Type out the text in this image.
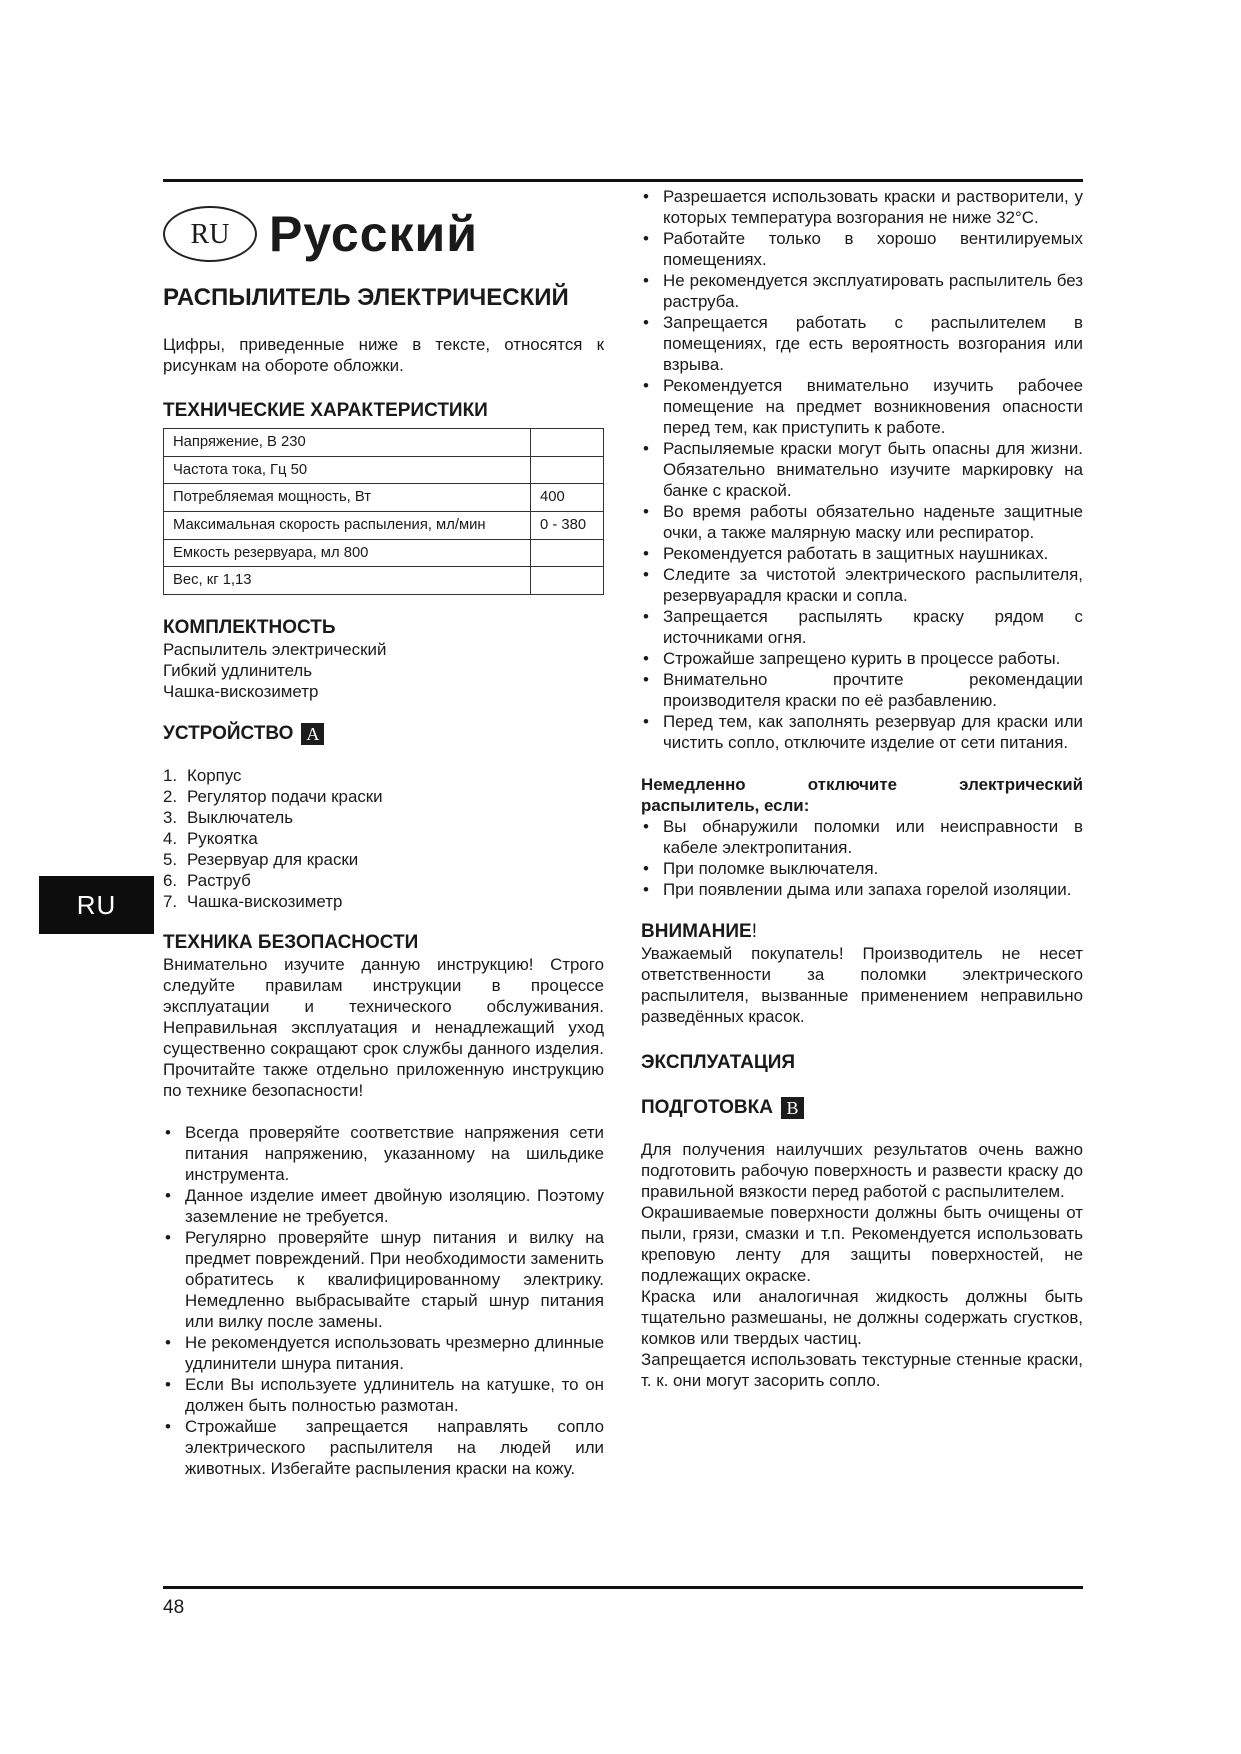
RU
RU Русский
РАСПЫЛИТЕЛЬ ЭЛЕКТРИЧЕСКИЙ

Цифры, приведенные ниже в тексте, относятся к рисункам на обороте обложки.

ТЕХНИЧЕСКИЕ ХАРАКТЕРИСТИКИ
Напряжение, В 230	
Частота тока, Гц 50	
Потребляемая мощность, Вт	400
Максимальная скорость распыления, мл/мин	0 - 380
Емкость резервуара, мл 800	
Вес, кг 1,13	
КОМПЛЕКТНОСТЬ
Распылитель электрический
Гибкий удлинитель
Чашка-вискозиметр
УСТРОЙСТВО A
1. Корпус
2. Регулятор подачи краски
3. Выключатель
4. Рукоятка
5. Резервуар для краски
6. Раструб
7. Чашка-вискозиметр
ТЕХНИКА БЕЗОПАСНОСТИ

Внимательно изучите данную инструкцию! Строго следуйте правилам инструкции в процессе эксплуатации и технического обслуживания. Неправильная эксплуатация и ненадлежащий уход существенно сокращают срок службы данного изделия. Прочитайте также отдельно приложенную инструкцию по технике безопасности!

• Всегда проверяйте соответствие напряжения сети питания напряжению, указанному на шильдике инструмента.
• Данное изделие имеет двойную изоляцию. Поэтому заземление не требуется.
• Регулярно проверяйте шнур питания и вилку на предмет повреждений. При необходимости заменить обратитесь к квалифицированному электрику. Немедленно выбрасывайте старый шнур питания или вилку после замены.
• Не рекомендуется использовать чрезмерно длинные удлинители шнура питания.
• Если Вы используете удлинитель на катушке, то он должен быть полностью размотан.
• Строжайше запрещается направлять сопло электрического распылителя на людей или животных. Избегайте распыления краски на кожу.
• Разрешается использовать краски и растворители, у которых температура возгорания не ниже 32°С.
• Работайте только в хорошо вентилируемых помещениях.
• Не рекомендуется эксплуатировать распылитель без раструба.
• Запрещается работать с распылителем в помещениях, где есть вероятность возгорания или взрыва.
• Рекомендуется внимательно изучить рабочее помещение на предмет возникновения опасности перед тем, как приступить к работе.
• Распыляемые краски могут быть опасны для жизни. Обязательно внимательно изучите маркировку на банке с краской.
• Во время работы обязательно наденьте защитные очки, а также малярную маску или респиратор.
• Рекомендуется работать в защитных наушниках.
• Следите за чистотой электрического распылителя, резервуарадля краски и сопла.
• Запрещается распылять краску рядом с источниками огня.
• Строжайше запрещено курить в процессе работы.
• Внимательно прочтите рекомендации производителя краски по её разбавлению.
• Перед тем, как заполнять резервуар для краски или чистить сопло, отключите изделие от сети питания.

Немедленно отключите электрический распылитель, если:

• Вы обнаружили поломки или неисправности в кабеле электропитания.
• При поломке выключателя.
• При появлении дыма или запаха горелой изоляции.
ВНИМАНИЕ!

Уважаемый покупатель! Производитель не несет ответственности за поломки электрического распылителя, вызванные применением неправильно разведённых красок.

ЭКСПЛУАТАЦИЯ
ПОДГОТОВКА B

Для получения наилучших результатов очень важно подготовить рабочую поверхность и развести краску до правильной вязкости перед работой с распылителем.

Окрашиваемые поверхности должны быть очищены от пыли, грязи, смазки и т.п. Рекомендуется использовать креповую ленту для защиты поверхностей, не подлежащих окраске.

Краска или аналогичная жидкость должны быть тщательно размешаны, не должны содержать сгустков, комков или твердых частиц.

Запрещается использовать текстурные стенные краски, т. к. они могут засорить сопло.

48
